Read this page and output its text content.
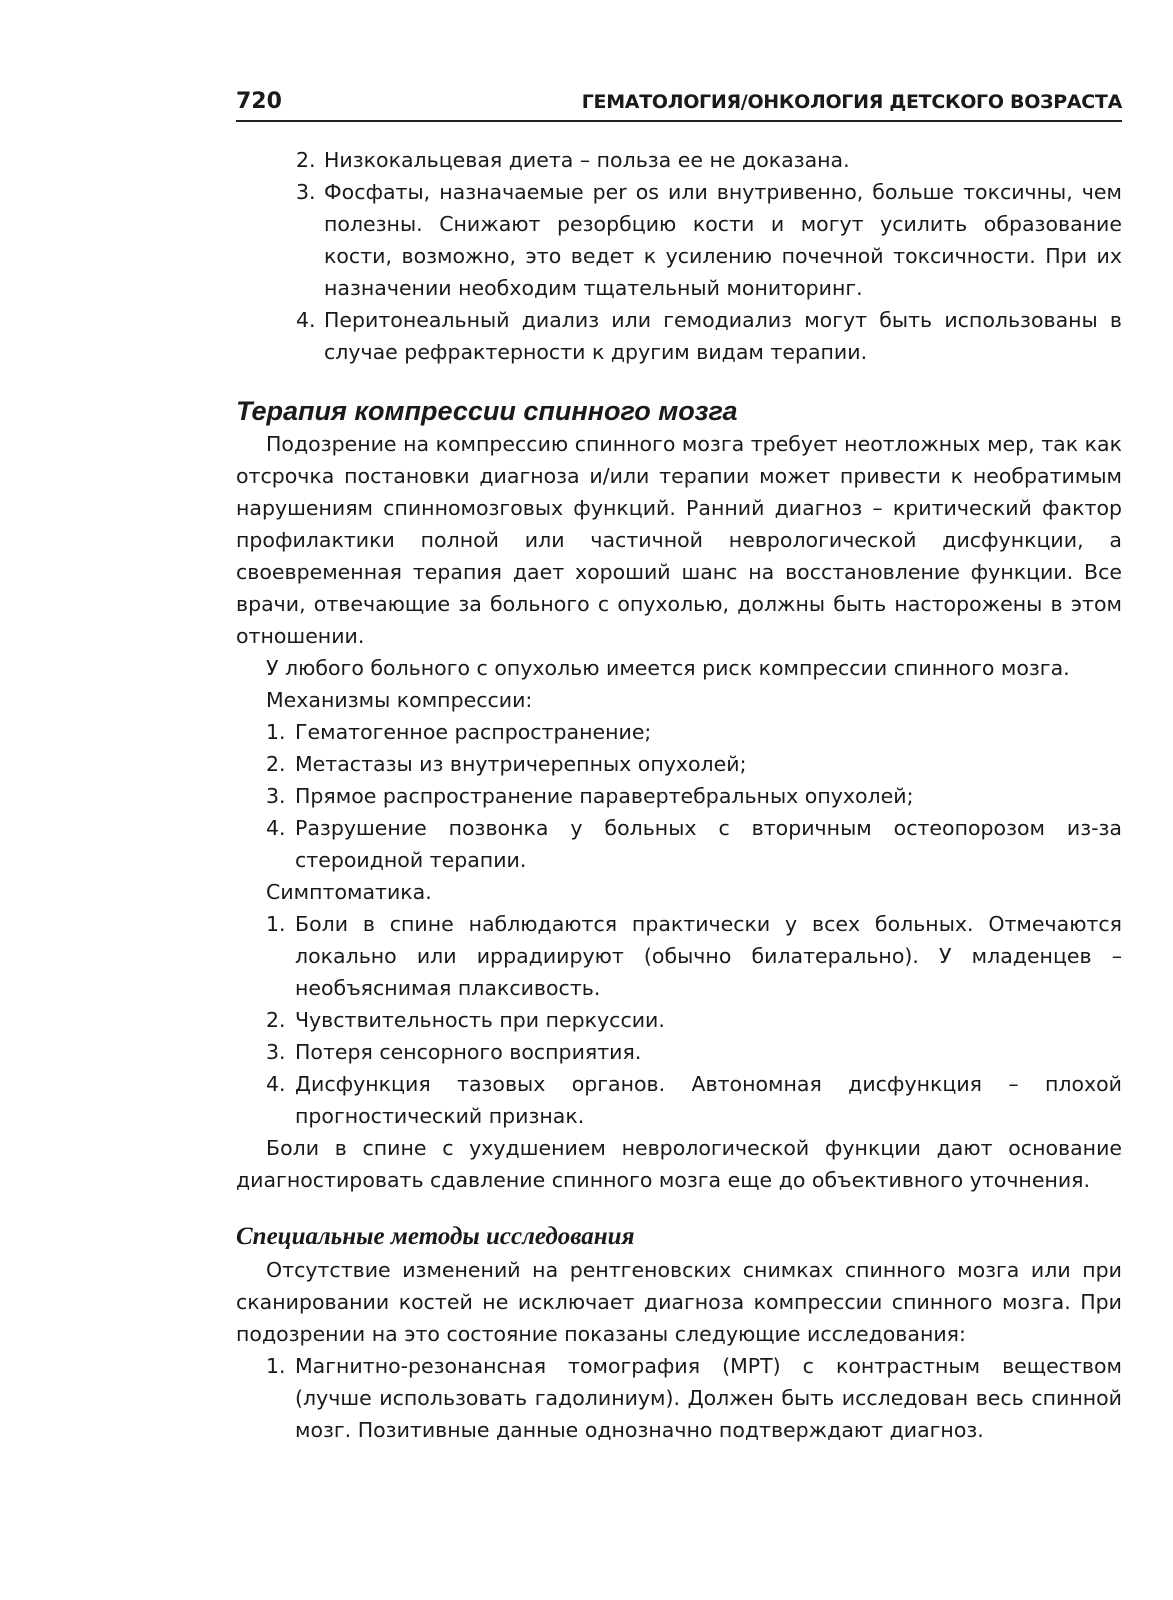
720	ГЕМАТОЛОГИЯ/ОНКОЛОГИЯ ДЕТСКОГО ВОЗРАСТА
2. Низкокальцевая диета – польза ее не доказана.

3. Фосфаты, назначаемые per os или внутривенно, больше токсичны, чем полезны. Снижают резорбцию кости и могут усилить образование кости, возможно, это ведет к усилению почечной токсичности. При их назначении необходим тщательный мониторинг.

4. Перитонеальный диализ или гемодиализ могут быть использованы в случае рефрактерности к другим видам терапии.

Терапия компрессии спинного мозга

Подозрение на компрессию спинного мозга требует неотложных мер, так как отсрочка постановки диагноза и/или терапии может привести к необратимым нарушениям спинномозговых функций. Ранний диагноз – критический фактор профилактики полной или частичной неврологической дисфункции, а своевременная терапия дает хороший шанс на восстановление функции. Все врачи, отвечающие за больного с опухолью, должны быть насторожены в этом отношении.

У любого больного с опухолью имеется риск компрессии спинного мозга.

Механизмы компрессии:

1. Гематогенное распространение;

2. Метастазы из внутричерепных опухолей;

3. Прямое распространение паравертебральных опухолей;

4. Разрушение позвонка у больных с вторичным остеопорозом из-за стероидной терапии.

Симптоматика.

1. Боли в спине наблюдаются практически у всех больных. Отмечаются локально или иррадиируют (обычно билатерально). У младенцев – необъяснимая плаксивость.

2. Чувствительность при перкуссии.

3. Потеря сенсорного восприятия.

4. Дисфункция тазовых органов. Автономная дисфункция – плохой прогностический признак.

Боли в спине с ухудшением неврологической функции дают основание диагностировать сдавление спинного мозга еще до объективного уточнения.

Специальные методы исследования

Отсутствие изменений на рентгеновских снимках спинного мозга или при сканировании костей не исключает диагноза компрессии спинного мозга. При подозрении на это состояние показаны следующие исследования:

1. Магнитно-резонансная томография (МРТ) с контрастным веществом (лучше использовать гадолиниум). Должен быть исследован весь спинной мозг. Позитивные данные однозначно подтверждают диагноз.
